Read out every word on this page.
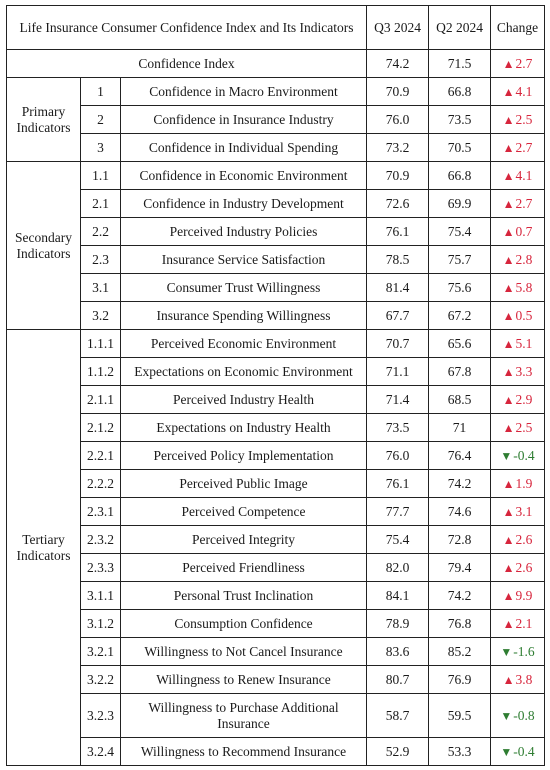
Life Insurance Consumer Confidence Index and Its Indicators			Q3 2024	Q2 2024	Change
Confidence Index			74.2	71.5	▲2.7
Primary Indicators	1	Confidence in Macro Environment	70.9	66.8	▲4.1
	2	Confidence in Insurance Industry	76.0	73.5	▲2.5
	3	Confidence in Individual Spending	73.2	70.5	▲2.7
Secondary Indicators	1.1	Confidence in Economic Environment	70.9	66.8	▲4.1
	2.1	Confidence in Industry Development	72.6	69.9	▲2.7
	2.2	Perceived Industry Policies	76.1	75.4	▲0.7
	2.3	Insurance Service Satisfaction	78.5	75.7	▲2.8
	3.1	Consumer Trust Willingness	81.4	75.6	▲5.8
	3.2	Insurance Spending Willingness	67.7	67.2	▲0.5
Tertiary Indicators	1.1.1	Perceived Economic Environment	70.7	65.6	▲5.1
	1.1.2	Expectations on Economic Environment	71.1	67.8	▲3.3
	2.1.1	Perceived Industry Health	71.4	68.5	▲2.9
	2.1.2	Expectations on Industry Health	73.5	71	▲2.5
	2.2.1	Perceived Policy Implementation	76.0	76.4	▼-0.4
	2.2.2	Perceived Public Image	76.1	74.2	▲1.9
	2.3.1	Perceived Competence	77.7	74.6	▲3.1
	2.3.2	Perceived Integrity	75.4	72.8	▲2.6
	2.3.3	Perceived Friendliness	82.0	79.4	▲2.6
	3.1.1	Personal Trust Inclination	84.1	74.2	▲9.9
	3.1.2	Consumption Confidence	78.9	76.8	▲2.1
	3.2.1	Willingness to Not Cancel Insurance	83.6	85.2	▼-1.6
	3.2.2	Willingness to Renew Insurance	80.7	76.9	▲3.8
	3.2.3	Willingness to Purchase Additional Insurance	58.7	59.5	▼-0.8
	3.2.4	Willingness to Recommend Insurance	52.9	53.3	▼-0.4
